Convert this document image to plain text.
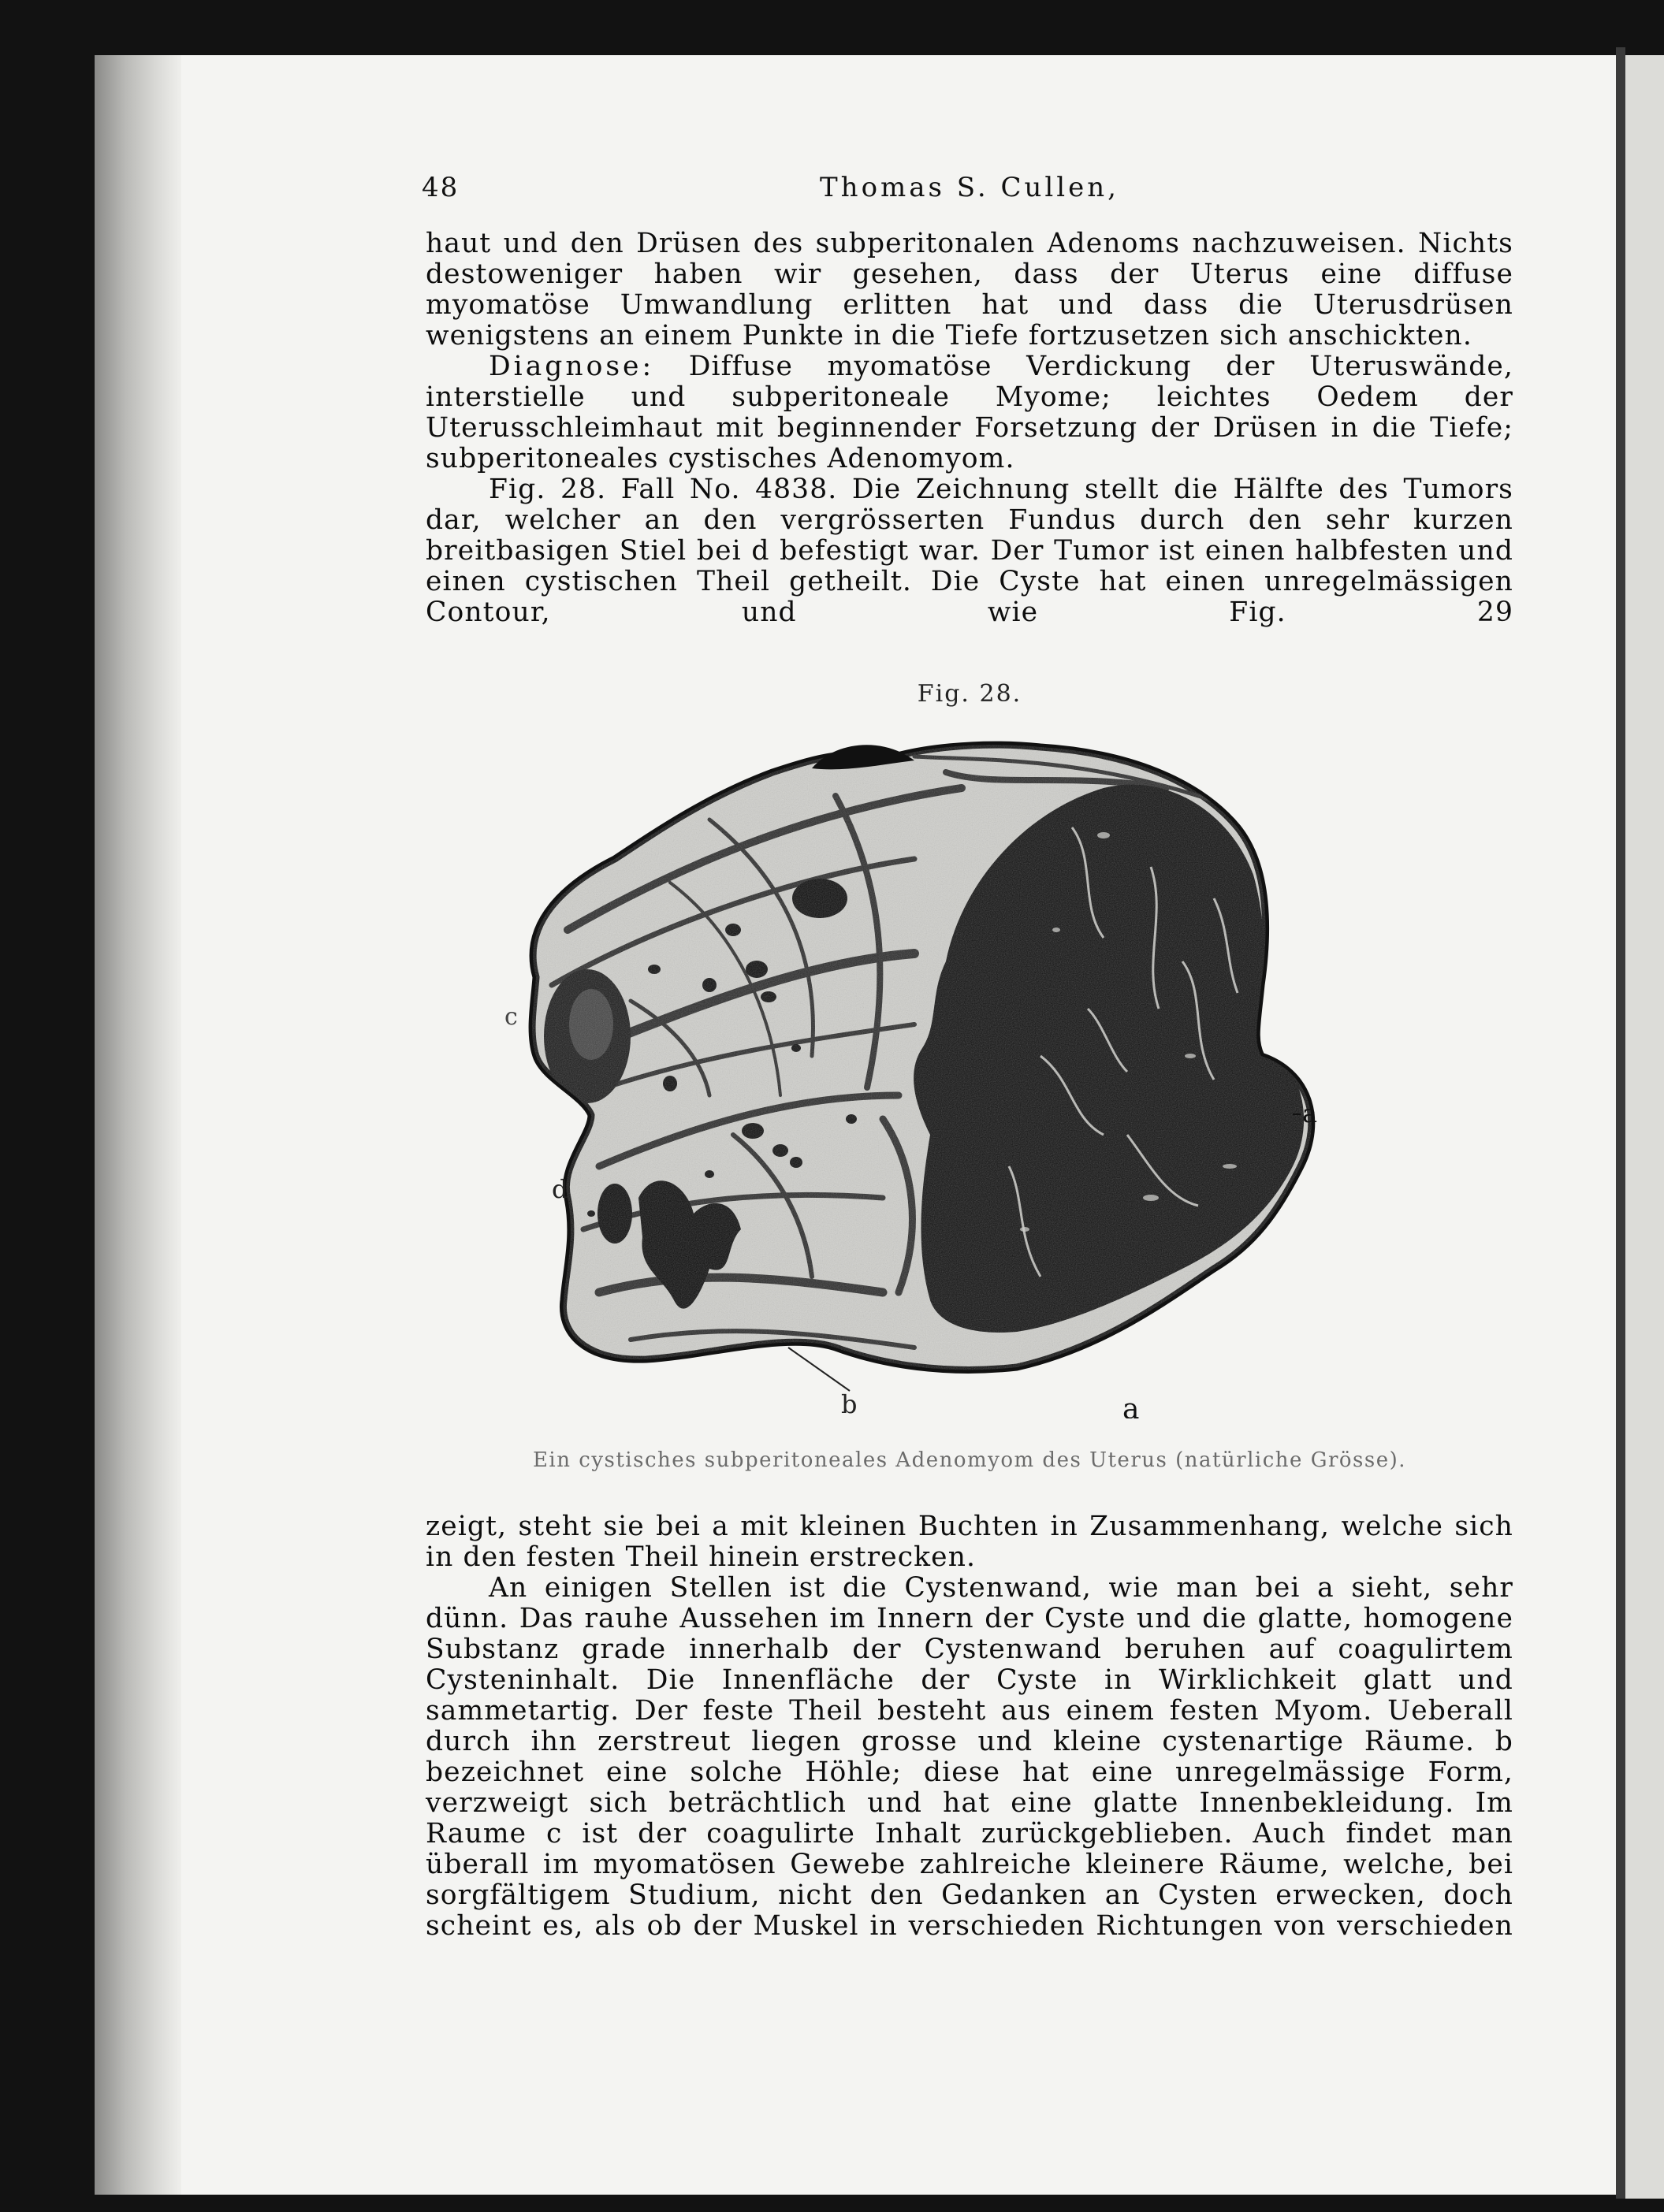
48	Thomas S. Cullen,

haut und den Drüsen des subperitonalen Adenoms nachzuweisen. Nichts destoweniger haben wir gesehen, dass der Uterus eine diffuse myomatöse Umwandlung erlitten hat und dass die Uterusdrüsen wenigstens an einem Punkte in die Tiefe fortzusetzen sich anschickten.

Diagnose: Diffuse myomatöse Verdickung der Uteruswände, interstielle und subperitoneale Myome; leichtes Oedem der Uterusschleimhaut mit beginnender Forsetzung der Drüsen in die Tiefe; subperitoneales cystisches Adenomyom.

Fig. 28. Fall No. 4838. Die Zeichnung stellt die Hälfte des Tumors dar, welcher an den vergrösserten Fundus durch den sehr kurzen breitbasigen Stiel bei d befestigt war. Der Tumor ist einen halbfesten und einen cystischen Theil getheilt. Die Cyste hat einen unregelmässigen Contour, und wie Fig. 29

Fig. 28.
c
a
d
b	a
Ein cystisches subperitoneales Adenomyom des Uterus (natürliche Grösse).

zeigt, steht sie bei a mit kleinen Buchten in Zusammenhang, welche sich in den festen Theil hinein erstrecken.

An einigen Stellen ist die Cystenwand, wie man bei a sieht, sehr dünn. Das rauhe Aussehen im Innern der Cyste und die glatte, homogene Substanz grade innerhalb der Cystenwand beruhen auf coagulirtem Cysteninhalt. Die Innenfläche der Cyste in Wirklichkeit glatt und sammetartig. Der feste Theil besteht aus einem festen Myom. Ueberall durch ihn zerstreut liegen grosse und kleine cystenartige Räume. b bezeichnet eine solche Höhle; diese hat eine unregelmässige Form, verzweigt sich beträchtlich und hat eine glatte Innenbekleidung. Im Raume c ist der coagulirte Inhalt zurückgeblieben. Auch findet man überall im myomatösen Gewebe zahlreiche kleinere Räume, welche, bei sorgfältigem Studium, nicht den Gedanken an Cysten erwecken, doch scheint es, als ob der Muskel in verschieden Richtungen von verschieden
